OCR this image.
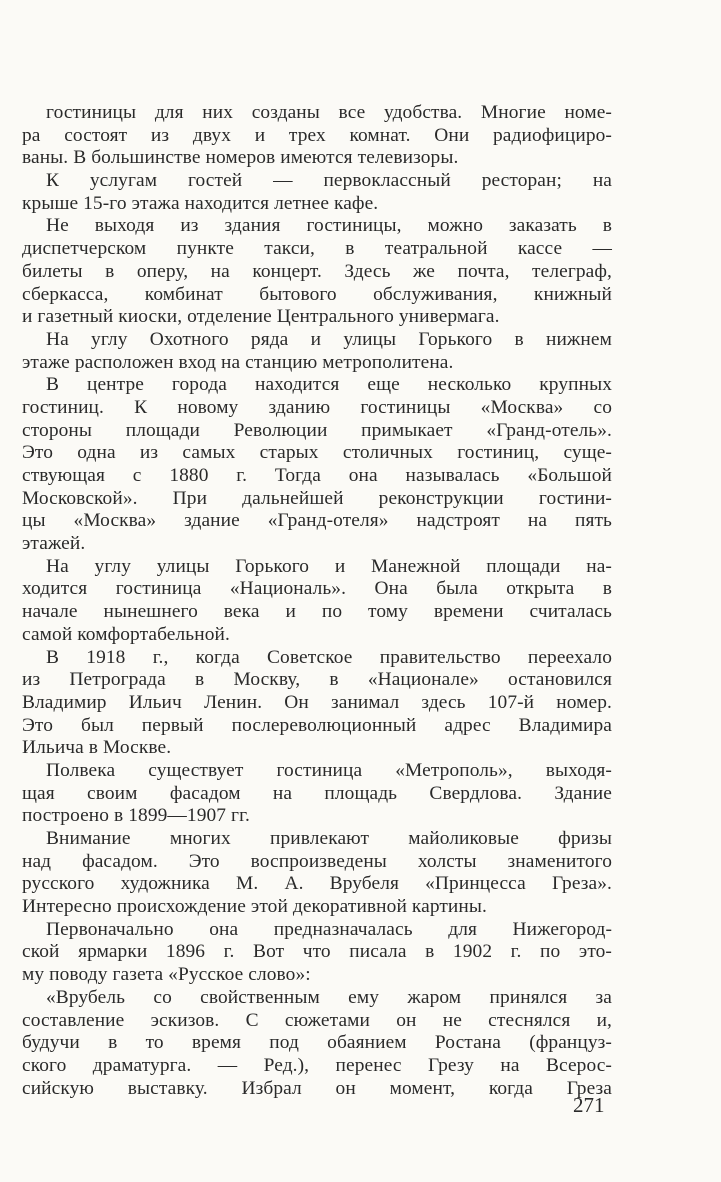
гостиницы для них созданы все удобства. Многие номе-
ра состоят из двух и трех комнат. Они радиофициро-
ваны. В большинстве номеров имеются телевизоры.
К услугам гостей — первоклассный ресторан; на
крыше 15-го этажа находится летнее кафе.
Не выходя из здания гостиницы, можно заказать в
диспетчерском пункте такси, в театральной кассе —
билеты в оперу, на концерт. Здесь же почта, телеграф,
сберкасса, комбинат бытового обслуживания, книжный
и газетный киоски, отделение Центрального универмага.
На углу Охотного ряда и улицы Горького в нижнем
этаже расположен вход на станцию метрополитена.
В центре города находится еще несколько крупных
гостиниц. К новому зданию гостиницы «Москва» со
стороны площади Революции примыкает «Гранд-отель».
Это одна из самых старых столичных гостиниц, суще-
ствующая с 1880 г. Тогда она называлась «Большой
Московской». При дальнейшей реконструкции гостини-
цы «Москва» здание «Гранд-отеля» надстроят на пять
этажей.
На углу улицы Горького и Манежной площади на-
ходится гостиница «Националь». Она была открыта в
начале нынешнего века и по тому времени считалась
самой комфортабельной.
В 1918 г., когда Советское правительство переехало
из Петрограда в Москву, в «Национале» остановился
Владимир Ильич Ленин. Он занимал здесь 107-й номер.
Это был первый послереволюционный адрес Владимира
Ильича в Москве.
Полвека существует гостиница «Метрополь», выходя-
щая своим фасадом на площадь Свердлова. Здание
построено в 1899—1907 гг.
Внимание многих привлекают майоликовые фризы
над фасадом. Это воспроизведены холсты знаменитого
русского художника М. А. Врубеля «Принцесса Греза».
Интересно происхождение этой декоративной картины.
Первоначально она предназначалась для Нижегород-
ской ярмарки 1896 г. Вот что писала в 1902 г. по это-
му поводу газета «Русское слово»:
«Врубель со свойственным ему жаром принялся за
составление эскизов. С сюжетами он не стеснялся и,
будучи в то время под обаянием Ростана (француз-
ского драматурга. — Ред.), перенес Грезу на Всерос-
сийскую выставку. Избрал он момент, когда Греза
271
